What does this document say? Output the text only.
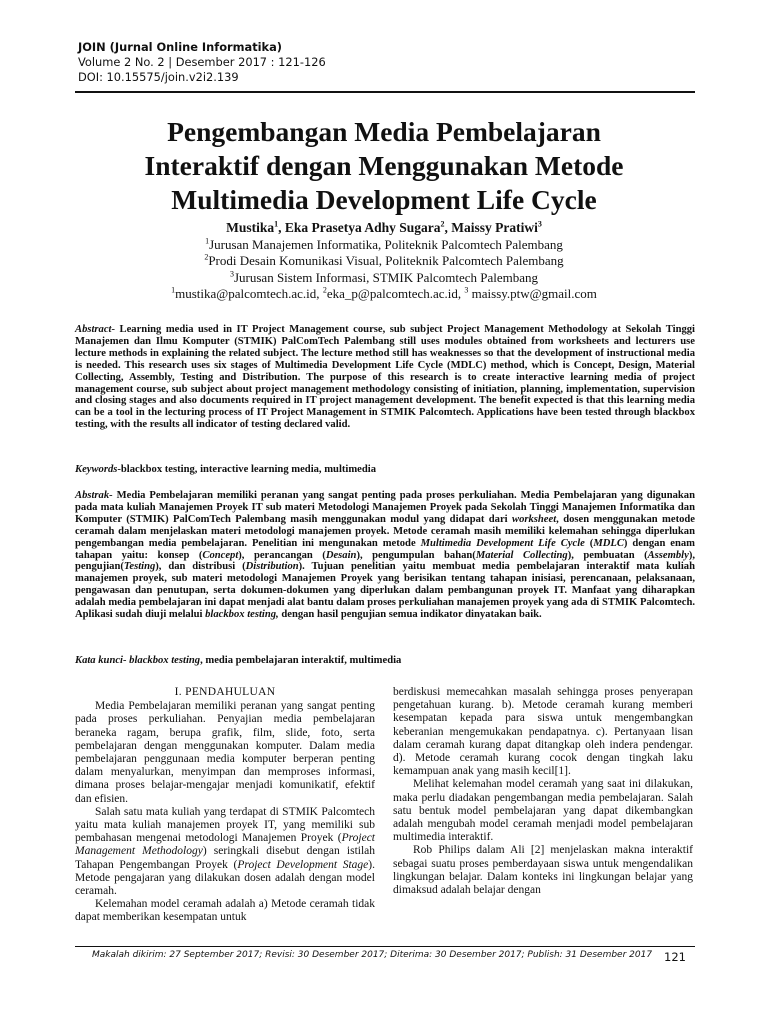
JOIN (Jurnal Online Informatika)
Volume 2 No. 2 | Desember 2017 : 121-126
DOI: 10.15575/join.v2i2.139
Pengembangan Media Pembelajaran
Interaktif dengan Menggunakan Metode
Multimedia Development Life Cycle
Mustika$^1$, Eka Prasetya Adhy Sugara$^2$, Maissy Pratiwi$^3$
$^1$Jurusan Manajemen Informatika, Politeknik Palcomtech Palembang
$^2$Prodi Desain Komunikasi Visual, Politeknik Palcomtech Palembang
$^3$Jurusan Sistem Informasi, STMIK Palcomtech Palembang
$^1$mustika@palcomtech.ac.id, $^2$eka_p@palcomtech.ac.id, $^3$ maissy.ptw@gmail.com
Abstract- Learning media used in IT Project Management course, sub subject Project Management Methodology at Sekolah Tinggi Manajemen dan Ilmu Komputer (STMIK) PalComTech Palembang still uses modules obtained from worksheets and lecturers use lecture methods in explaining the related subject. The lecture method still has weaknesses so that the development of instructional media is needed. This research uses six stages of Multimedia Development Life Cycle (MDLC) method, which is Concept, Design, Material Collecting, Assembly, Testing and Distribution. The purpose of this research is to create interactive learning media of project management course, sub subject about project management methodology consisting of initiation, planning, implementation, supervision and closing stages and also documents required in IT project management development. The benefit expected is that this learning media can be a tool in the lecturing process of IT Project Management in STMIK Palcomtech. Applications have been tested through blackbox testing, with the results all indicator of testing declared valid.
Keywords-blackbox testing, interactive learning media, multimedia
Abstrak- Media Pembelajaran memiliki peranan yang sangat penting pada proses perkuliahan. Media Pembelajaran yang digunakan pada mata kuliah Manajemen Proyek IT sub materi Metodologi Manajemen Proyek pada Sekolah Tinggi Manajemen Informatika dan Komputer (STMIK) PalComTech Palembang masih menggunakan modul yang didapat dari worksheet, dosen menggunakan metode ceramah dalam menjelaskan materi metodologi manajemen proyek. Metode ceramah masih memiliki kelemahan sehingga diperlukan pengembangan media pembelajaran. Penelitian ini mengunakan metode Multimedia Development Life Cycle (MDLC) dengan enam tahapan yaitu: konsep (Concept), perancangan (Desain), pengumpulan bahan(Material Collecting), pembuatan (Assembly), pengujian(Testing), dan distribusi (Distribution). Tujuan penelitian yaitu membuat media pembelajaran interaktif mata kuliah manajemen proyek, sub materi metodologi Manajemen Proyek yang berisikan tentang tahapan inisiasi, perencanaan, pelaksanaan, pengawasan dan penutupan, serta dokumen-dokumen yang diperlukan dalam pembangunan proyek IT. Manfaat yang diharapkan adalah media pembelajaran ini dapat menjadi alat bantu dalam proses perkuliahan manajemen proyek yang ada di STMIK Palcomtech. Aplikasi sudah diuji melalui blackbox testing, dengan hasil pengujian semua indikator dinyatakan baik.
Kata kunci- blackbox testing, media pembelajaran interaktif, multimedia

I. PENDAHULUAN

Media Pembelajaran memiliki peranan yang sangat penting pada proses perkuliahan. Penyajian media pembelajaran beraneka ragam, berupa grafik, film, slide, foto, serta pembelajaran dengan menggunakan komputer. Dalam media pembelajaran penggunaan media komputer berperan penting dalam menyalurkan, menyimpan dan memproses informasi, dimana proses belajar-mengajar menjadi komunikatif, efektif dan efisien.

Salah satu mata kuliah yang terdapat di STMIK Palcomtech yaitu mata kuliah manajemen proyek IT, yang memiliki sub pembahasan mengenai metodologi Manajemen Proyek (Project Management Methodology) seringkali disebut dengan istilah Tahapan Pengembangan Proyek (Project Development Stage). Metode pengajaran yang dilakukan dosen adalah dengan model ceramah.

Kelemahan model ceramah adalah a) Metode ceramah tidak dapat memberikan kesempatan untuk

berdiskusi memecahkan masalah sehingga proses penyerapan pengetahuan kurang. b). Metode ceramah kurang memberi kesempatan kepada para siswa untuk mengembangkan keberanian mengemukakan pendapatnya. c). Pertanyaan lisan dalam ceramah kurang dapat ditangkap oleh indera pendengar. d). Metode ceramah kurang cocok dengan tingkah laku kemampuan anak yang masih kecil[1].

Melihat kelemahan model ceramah yang saat ini dilakukan, maka perlu diadakan pengembangan media pembelajaran. Salah satu bentuk model pembelajaran yang dapat dikembangkan adalah mengubah model ceramah menjadi model pembelajaran multimedia interaktif.

Rob Philips dalam Ali [2] menjelaskan makna interaktif sebagai suatu proses pemberdayaan siswa untuk mengendalikan lingkungan belajar. Dalam konteks ini lingkungan belajar yang dimaksud adalah belajar dengan

Makalah dikirim: 27 September 2017; Revisi: 30 Desember 2017; Diterima: 30 Desember 2017; Publish: 31 Desember 2017 121
